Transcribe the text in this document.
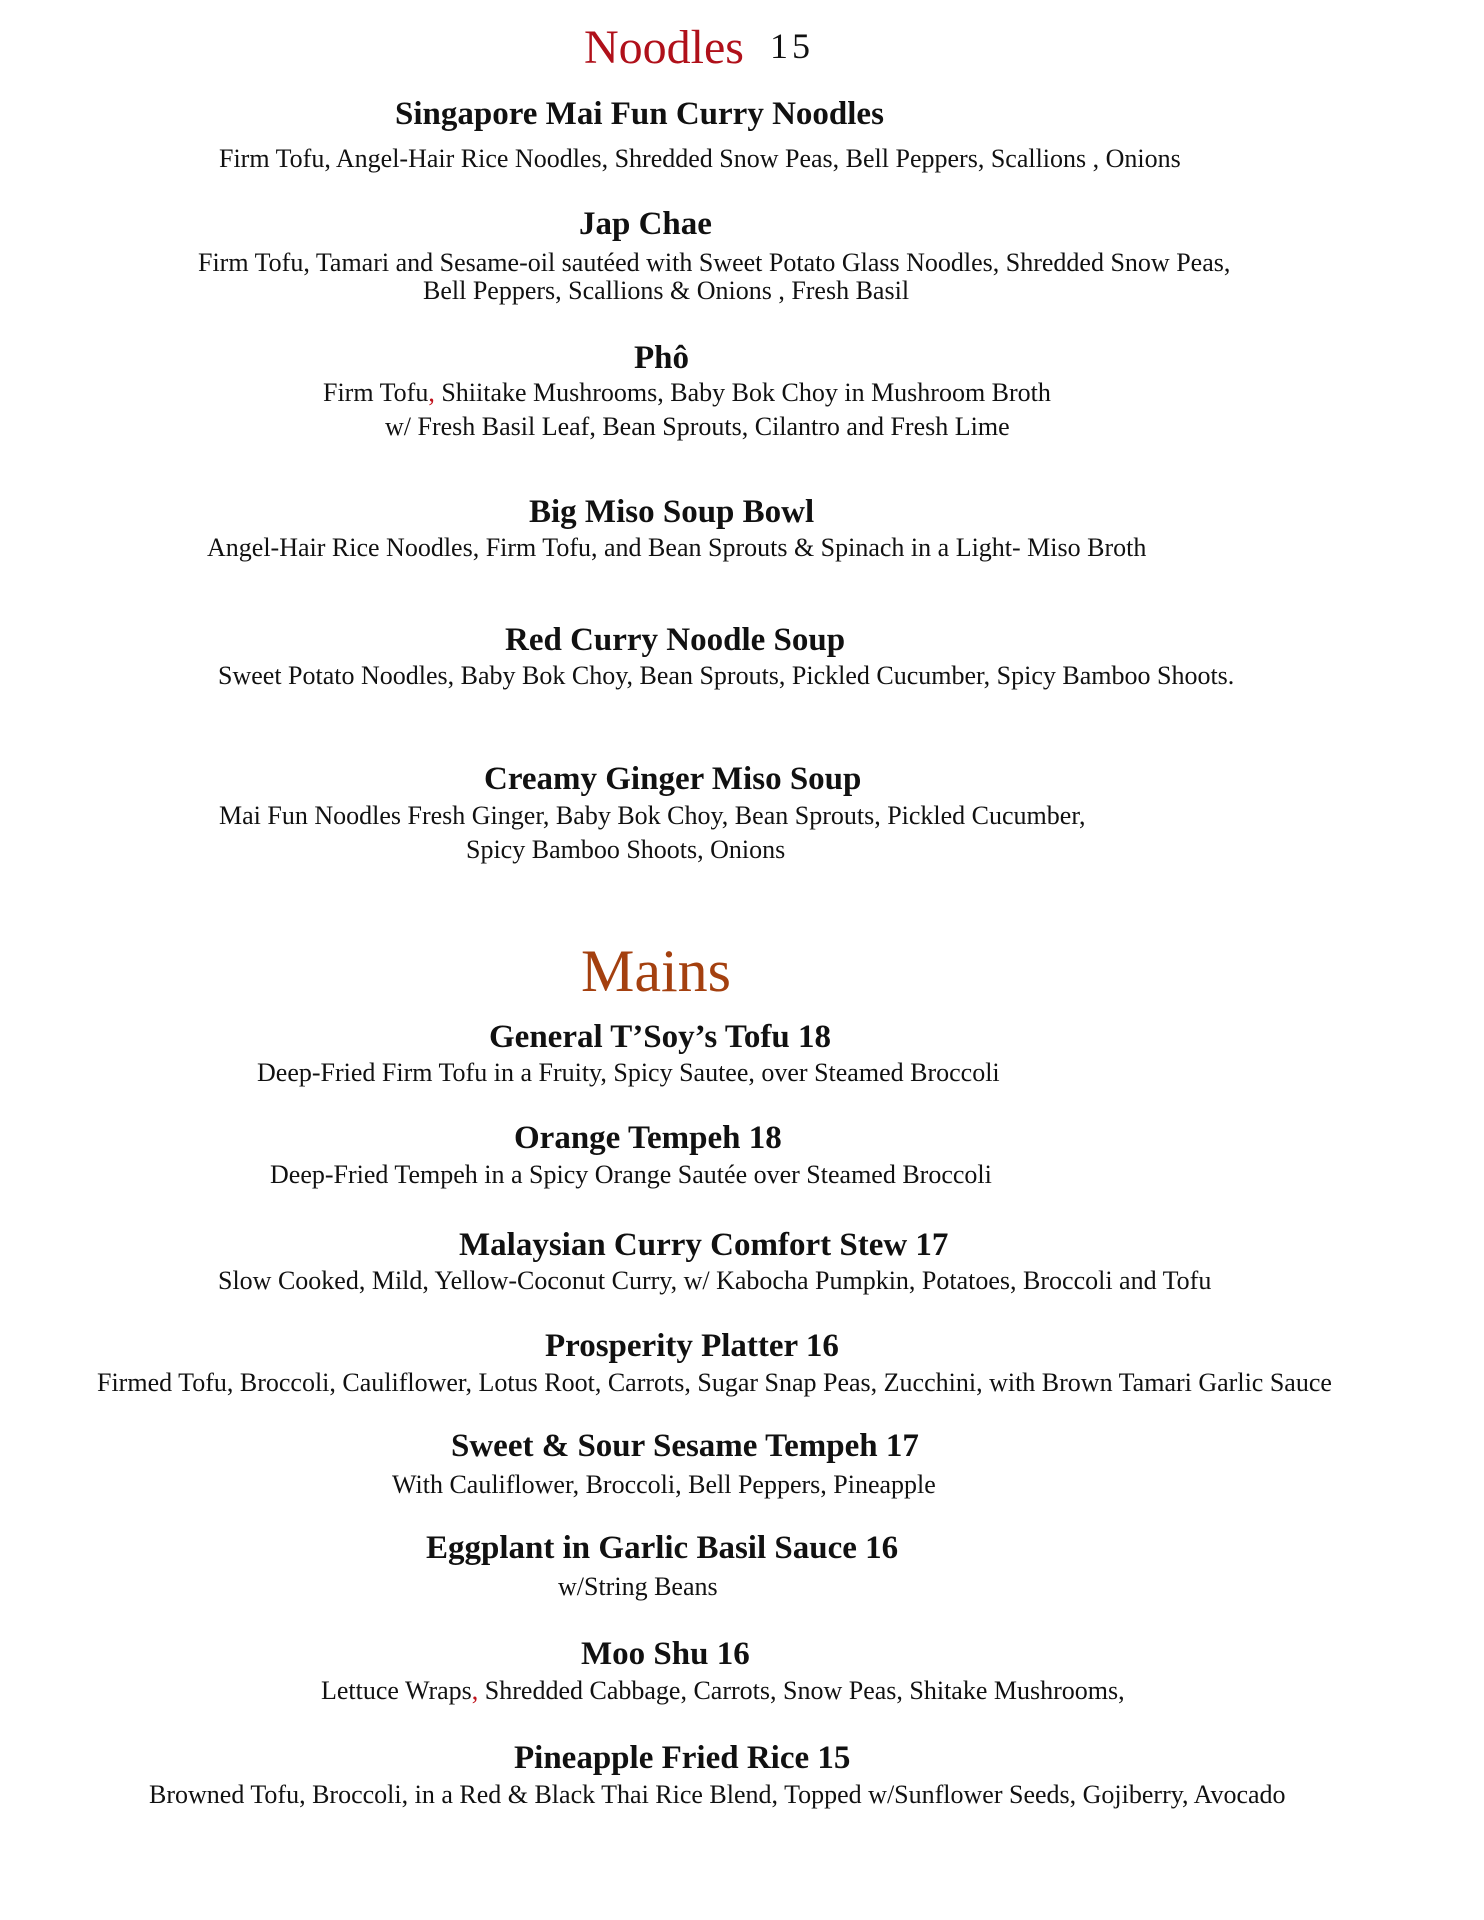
Noodles 15
Singapore Mai Fun Curry Noodles
Firm Tofu, Angel-Hair Rice Noodles, Shredded Snow Peas, Bell Peppers, Scallions , Onions
Jap Chae
Firm Tofu, Tamari and Sesame-oil sautéed with Sweet Potato Glass Noodles, Shredded Snow Peas,
Bell Peppers, Scallions & Onions , Fresh Basil
Phô
Firm Tofu, Shiitake Mushrooms, Baby Bok Choy in Mushroom Broth
w/ Fresh Basil Leaf, Bean Sprouts, Cilantro and Fresh Lime
Big Miso Soup Bowl
Angel-Hair Rice Noodles, Firm Tofu, and Bean Sprouts & Spinach in a Light- Miso Broth
Red Curry Noodle Soup
Sweet Potato Noodles, Baby Bok Choy, Bean Sprouts, Pickled Cucumber, Spicy Bamboo Shoots.
Creamy Ginger Miso Soup
Mai Fun Noodles Fresh Ginger, Baby Bok Choy, Bean Sprouts, Pickled Cucumber,
Spicy Bamboo Shoots, Onions
Mains
General T’Soy’s Tofu 18
Deep-Fried Firm Tofu in a Fruity, Spicy Sautee, over Steamed Broccoli
Orange Tempeh 18
Deep-Fried Tempeh in a Spicy Orange Sautée over Steamed Broccoli
Malaysian Curry Comfort Stew 17
Slow Cooked, Mild, Yellow-Coconut Curry, w/ Kabocha Pumpkin, Potatoes, Broccoli and Tofu
Prosperity Platter 16
Firmed Tofu, Broccoli, Cauliflower, Lotus Root, Carrots, Sugar Snap Peas, Zucchini, with Brown Tamari Garlic Sauce
Sweet & Sour Sesame Tempeh 17
With Cauliflower, Broccoli, Bell Peppers, Pineapple
Eggplant in Garlic Basil Sauce 16
w/String Beans
Moo Shu 16
Lettuce Wraps, Shredded Cabbage, Carrots, Snow Peas, Shitake Mushrooms,
Pineapple Fried Rice 15
Browned Tofu, Broccoli, in a Red & Black Thai Rice Blend, Topped w/Sunflower Seeds, Gojiberry, Avocado
